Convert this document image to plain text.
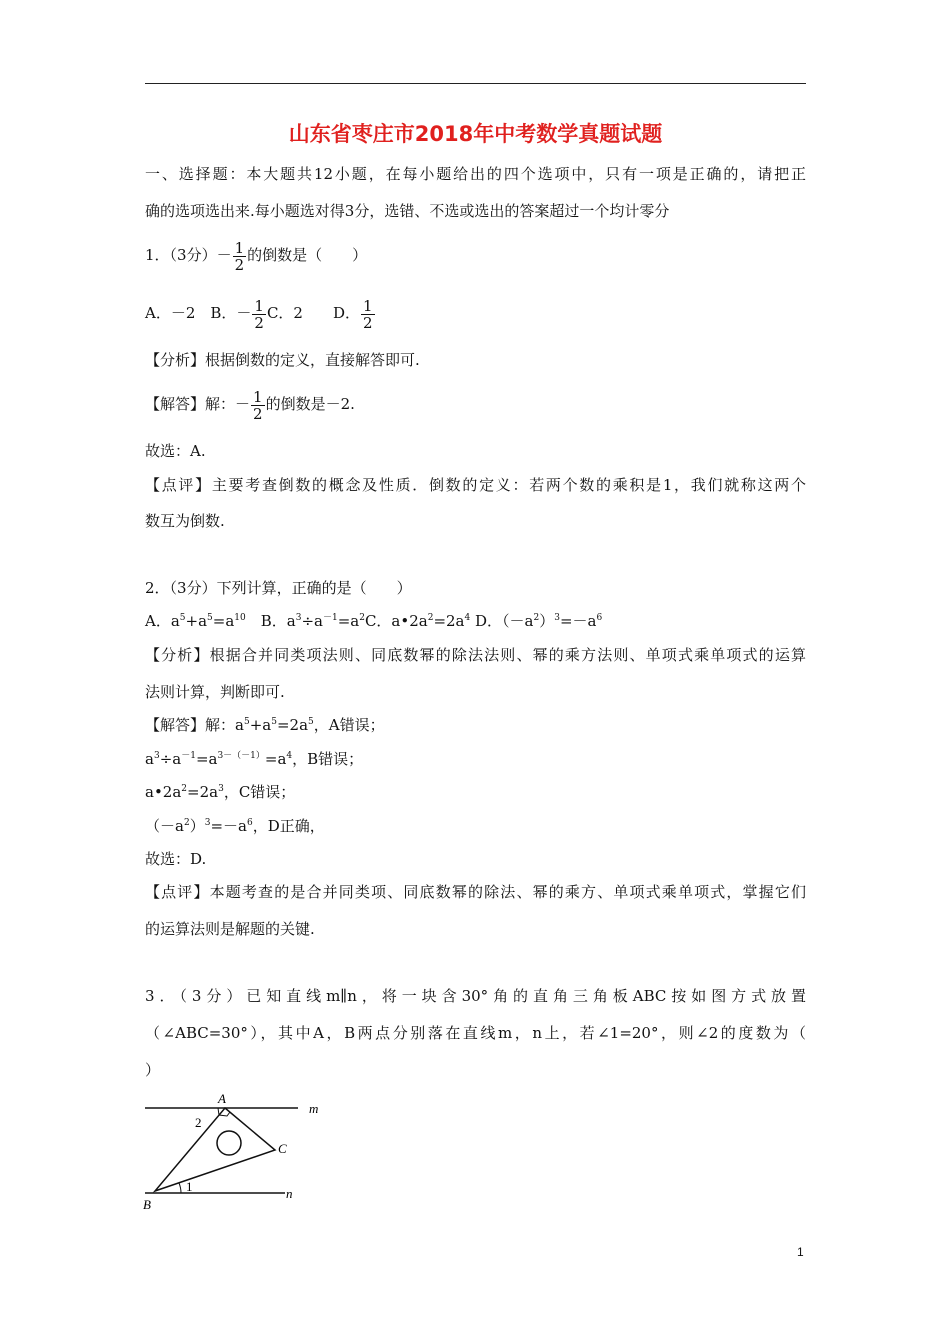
山东省枣庄市2018年中考数学真题试题
一、选择题：本大题共12小题，在每小题给出的四个选项中，只有一项是正确的，请把正
确的选项选出来.每小题选对得3分，选错、不选或选出的答案超过一个均计零分
1．（3分）－ $\frac{1}{2}$ 的倒数是（　　）
A．－2　B．－ $\frac{1}{2}$ C．2　　D． $\frac{1}{2}$
【分析】根据倒数的定义，直接解答即可.
【解答】解：－ $\frac{1}{2}$ 的倒数是－2.
故选：A.
【点评】主要考查倒数的概念及性质．倒数的定义：若两个数的乘积是1，我们就称这两个
数互为倒数.
2．（3分）下列计算，正确的是（　　）
A．$a^5+a^5=a^{10}$　B．$a^3\div a^{-1}=a^2C$．$a•2a^2=2a^4$ D．$(-a^2)^3=-a^6$
【分析】根据合并同类项法则、同底数幂的除法法则、幂的乘方法则、单项式乘单项式的运算
法则计算，判断即可.
【解答】解：$a^5+a^5=2a^5$，A错误；
$a^3\div a^{-1}=a^{3-(-1)}=a^4$，B错误；
$a•2a^2=2a^3$，C错误；
$(-a^2)^3=-a^6$，D正确，
故选：D.
【点评】本题考查的是合并同类项、同底数幂的除法、幂的乘方、单项式乘单项式，掌握它们
的运算法则是解题的关键.
3．（3分）已知直线m∥n，将一块含30°角的直角三角板ABC按如图方式放置
（∠ABC=30°），其中A，B两点分别落在直线m，n上，若∠1=20°，则∠2的度数为（
）
A
B
C
m
n
1
2
1
